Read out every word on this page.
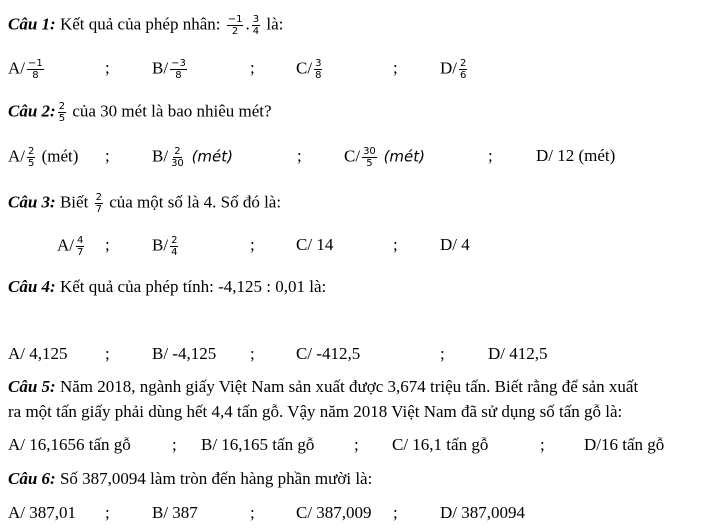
Câu 1: Kết quả của phép nhân: $\frac{-1}{2}$ . $\frac{3}{4}$ là:
$A/ \frac{-1}{8}$	; $B/ \frac{-3}{8}$	; $C/ \frac{3}{8}$	; $D/ \frac{2}{6}$
Câu 2: $\frac{2}{5}$ của 30 mét là bao nhiêu mét?
$A/ \frac{2}{5}$ (mét) ; $B/ \frac{2}{30}$ (mét)	; $C/ \frac{30}{5}$ (mét)	;	D/ 12 (mét)
Câu 3: Biết $\frac{2}{7}$ của một số là 4. Số đó là:
$A/ \frac{4}{7}$ ; $B/ \frac{2}{4}$	; C/ 14	; D/ 4
Câu 4: Kết quả của phép tính: -4,125 : 0,01 là:
A/ 4,125 ; B/ -4,125 ; C/ -412,5	;	D/ 412,5
Câu 5: Năm 2018, ngành giấy Việt Nam sản xuất được 3,674 triệu tấn. Biết rằng để sản xuất
ra một tấn giấy phải dùng hết 4,4 tấn gỗ. Vậy năm 2018 Việt Nam đã sử dụng số tấn gỗ là:
A/ 16,1656 tấn gỗ ; B/ 16,165 tấn gỗ ; C/ 16,1 tấn gỗ	; D/16 tấn gỗ
Câu 6: Số 387,0094 làm tròn đến hàng phần mười là:
A/ 387,01 ; B/ 387	; C/ 387,009 ; D/ 387,0094
